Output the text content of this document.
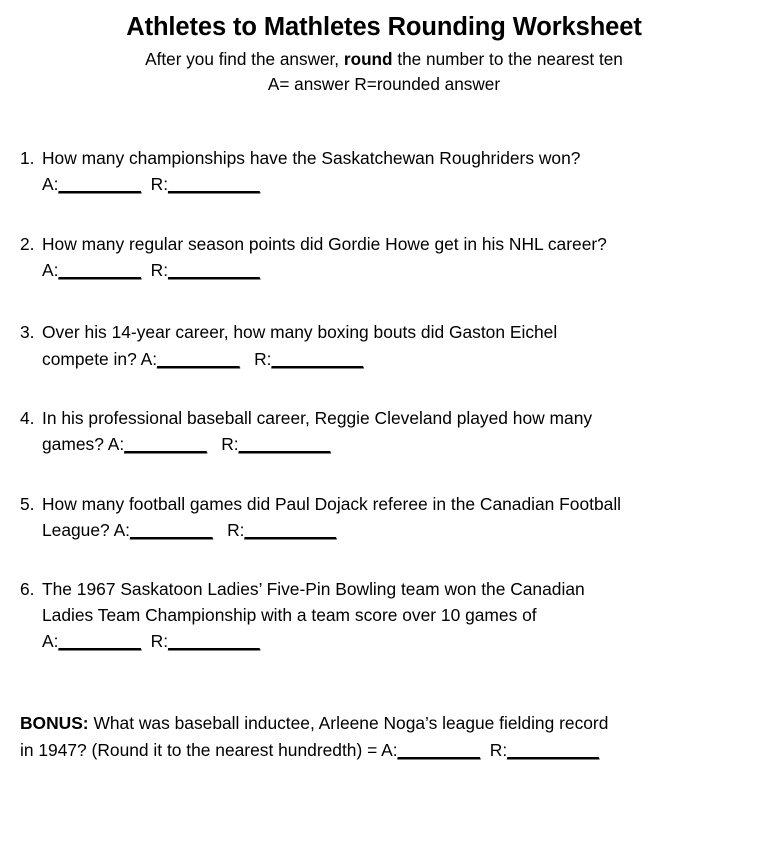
Athletes to Mathletes Rounding Worksheet
After you find the answer, round the number to the nearest ten
A= answer R=rounded answer
1. How many championships have the Saskatchewan Roughriders won?
A:_________  R:__________
2. How many regular season points did Gordie Howe get in his NHL career?
A:_________  R:__________
3. Over his 14-year career, how many boxing bouts did Gaston Eichel
compete in? A:_________   R:__________
4. In his professional baseball career, Reggie Cleveland played how many
games? A:_________   R:__________
5. How many football games did Paul Dojack referee in the Canadian Football
League? A:_________   R:__________
6. The 1967 Saskatoon Ladies’ Five-Pin Bowling team won the Canadian
Ladies Team Championship with a team score over 10 games of
A:_________  R:__________
BONUS: What was baseball inductee, Arleene Noga’s league fielding record
in 1947? (Round it to the nearest hundredth) = A:_________  R:__________
